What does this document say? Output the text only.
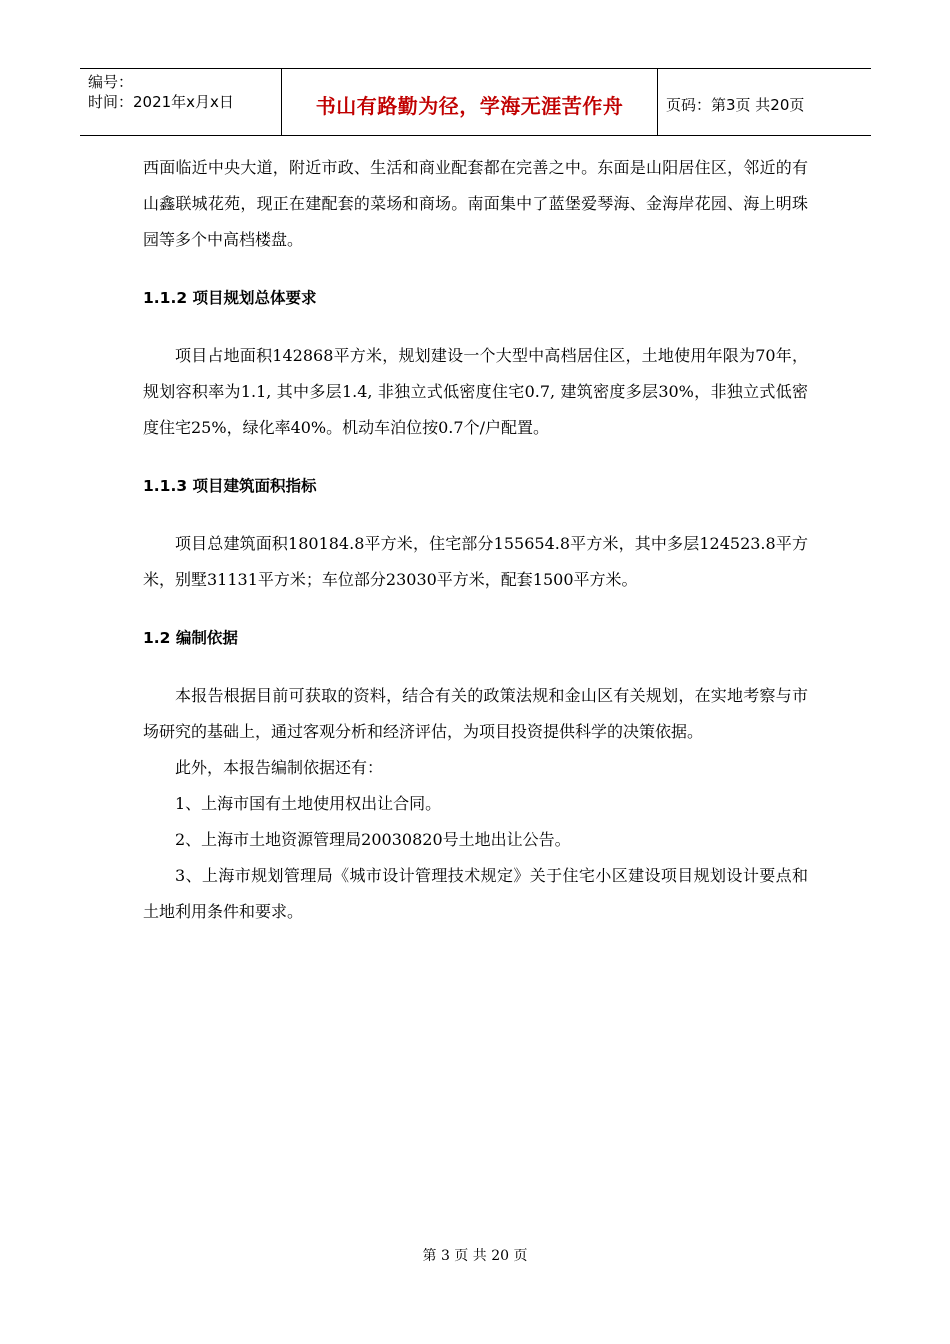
编号：
时间：2021年x月x日	书山有路勤为径，学海无涯苦作舟	页码：第3页 共20页

西面临近中央大道，附近市政、生活和商业配套都在完善之中。东面是山阳居住区，邻近的有山鑫联城花苑，现正在建配套的菜场和商场。南面集中了蓝堡爱琴海、金海岸花园、海上明珠园等多个中高档楼盘。

1.1.2 项目规划总体要求

项目占地面积142868平方米，规划建设一个大型中高档居住区，土地使用年限为70年，规划容积率为1.1, 其中多层1.4, 非独立式低密度住宅0.7, 建筑密度多层30%，非独立式低密度住宅25%，绿化率40%。机动车泊位按0.7个/户配置。

1.1.3 项目建筑面积指标

项目总建筑面积180184.8平方米，住宅部分155654.8平方米，其中多层124523.8平方米，别墅31131平方米；车位部分23030平方米，配套1500平方米。

1.2 编制依据

本报告根据目前可获取的资料，结合有关的政策法规和金山区有关规划，在实地考察与市场研究的基础上，通过客观分析和经济评估，为项目投资提供科学的决策依据。

此外，本报告编制依据还有：

1、上海市国有土地使用权出让合同。

2、上海市土地资源管理局20030820号土地出让公告。

3、上海市规划管理局《城市设计管理技术规定》关于住宅小区建设项目规划设计要点和土地利用条件和要求。

第 3 页 共 20 页
